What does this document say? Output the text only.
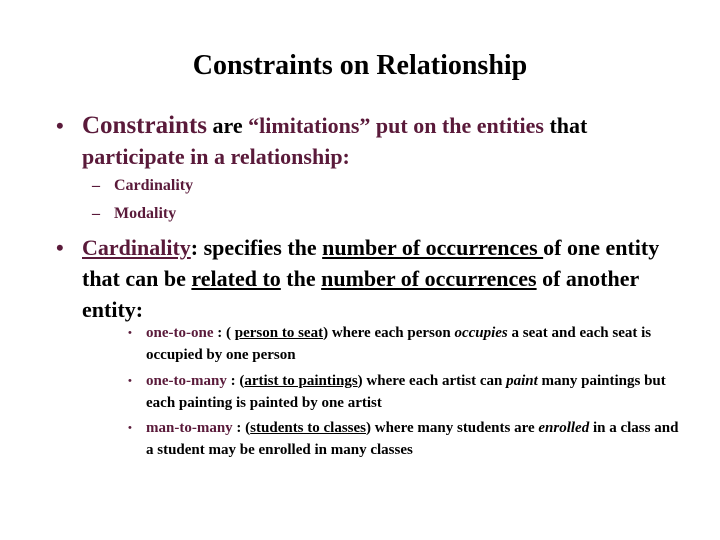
Constraints on Relationship
• Constraints are “limitations” put on the entities that
participate in a relationship:
– Cardinality
– Modality
• Cardinality: specifies the number of occurrences of one entity that can be related to the number of occurrences of another entity:
• one-to-one : ( person to seat) where each person occupies a seat and each seat is occupied by one person
• one-to-many : (artist to paintings) where each artist can paint many paintings but each painting is painted by one artist
• man-to-many : (students to classes) where many students are enrolled in a class and a student may be enrolled in many classes
